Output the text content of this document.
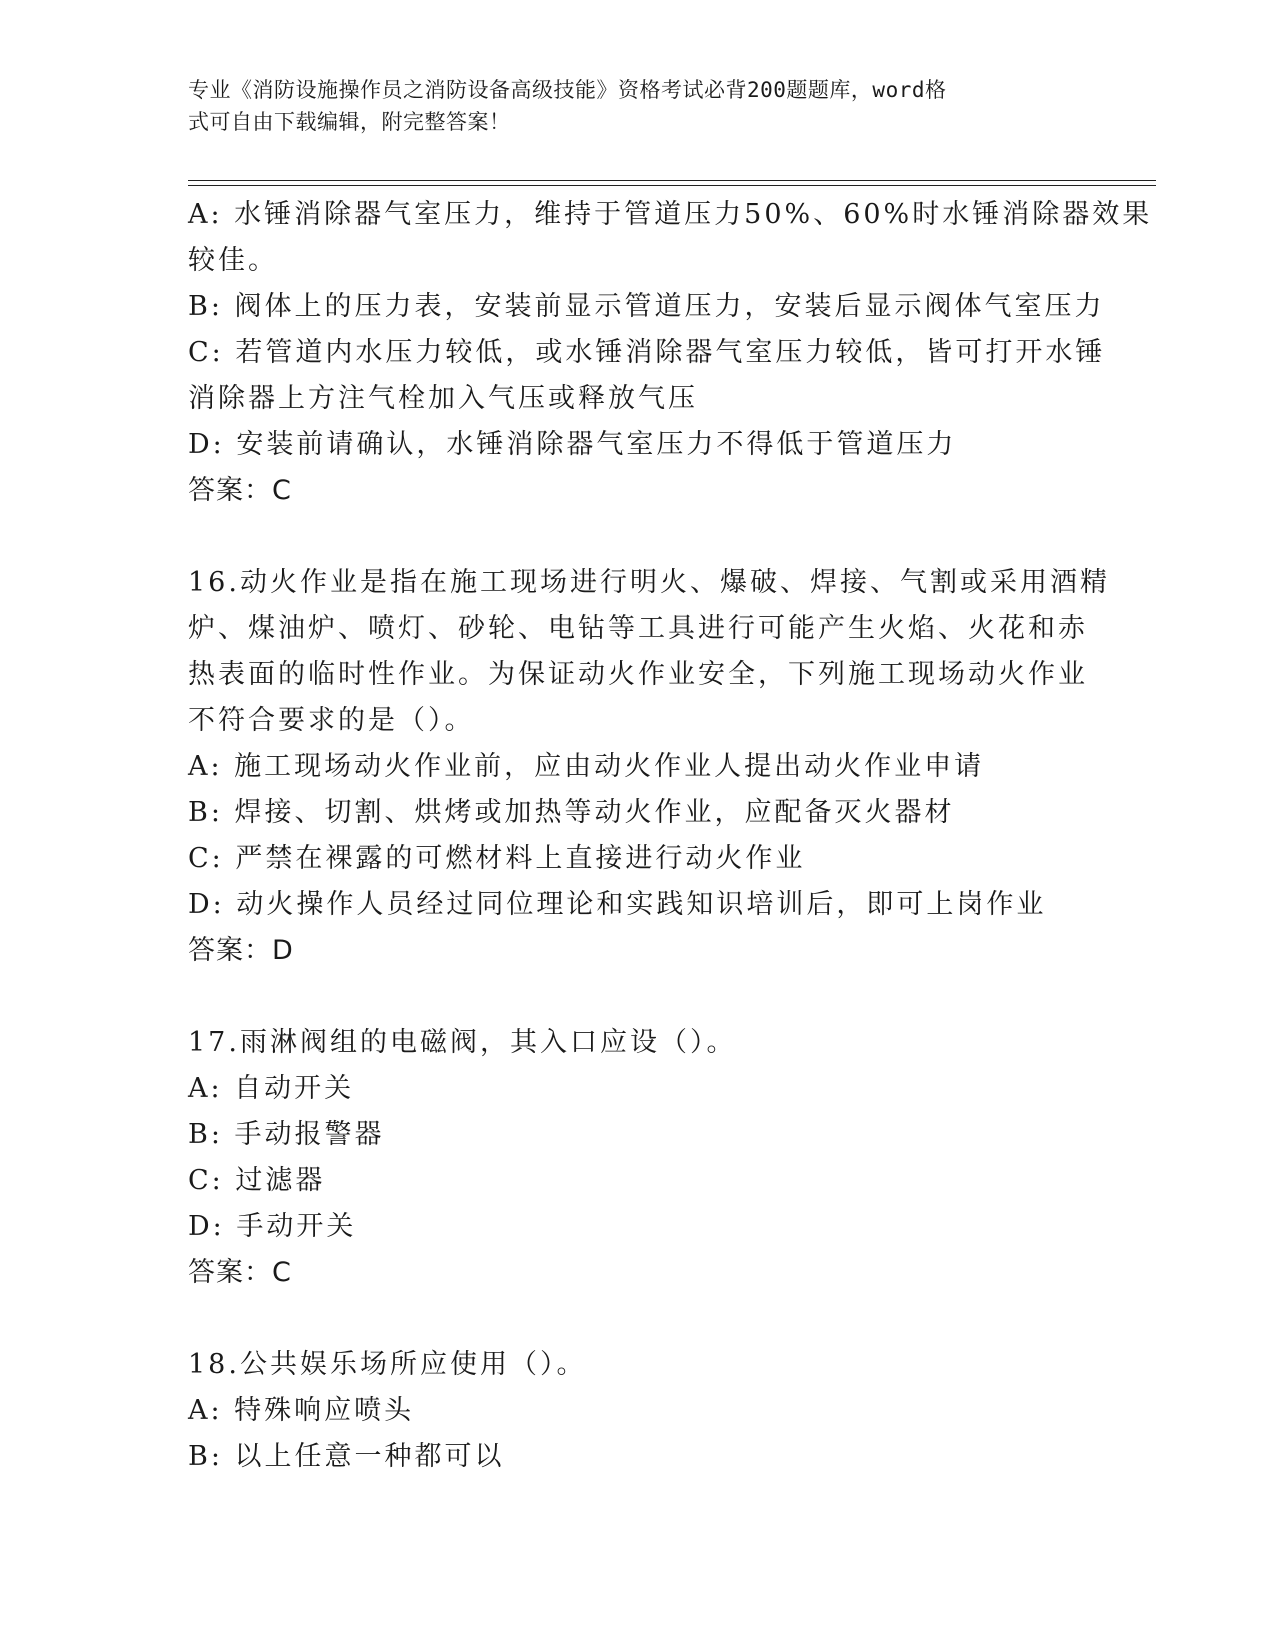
专业《消防设施操作员之消防设备高级技能》资格考试必背200题题库，word格
式可自由下载编辑，附完整答案！
A: 水锤消除器气室压力，维持于管道压力50%、60%时水锤消除器效果
较佳。
B: 阀体上的压力表，安装前显示管道压力，安装后显示阀体气室压力
C: 若管道内水压力较低，或水锤消除器气室压力较低，皆可打开水锤
消除器上方注气栓加入气压或释放气压
D: 安装前请确认，水锤消除器气室压力不得低于管道压力
答案：C
16.动火作业是指在施工现场进行明火、爆破、焊接、气割或采用酒精
炉、煤油炉、喷灯、砂轮、电钻等工具进行可能产生火焰、火花和赤
热表面的临时性作业。为保证动火作业安全，下列施工现场动火作业
不符合要求的是（）。
A: 施工现场动火作业前，应由动火作业人提出动火作业申请
B: 焊接、切割、烘烤或加热等动火作业，应配备灭火器材
C: 严禁在裸露的可燃材料上直接进行动火作业
D: 动火操作人员经过同位理论和实践知识培训后，即可上岗作业
答案：D
17.雨淋阀组的电磁阀，其入口应设（）。
A: 自动开关
B: 手动报警器
C: 过滤器
D: 手动开关
答案：C
18.公共娱乐场所应使用（）。
A: 特殊响应喷头
B: 以上任意一种都可以
